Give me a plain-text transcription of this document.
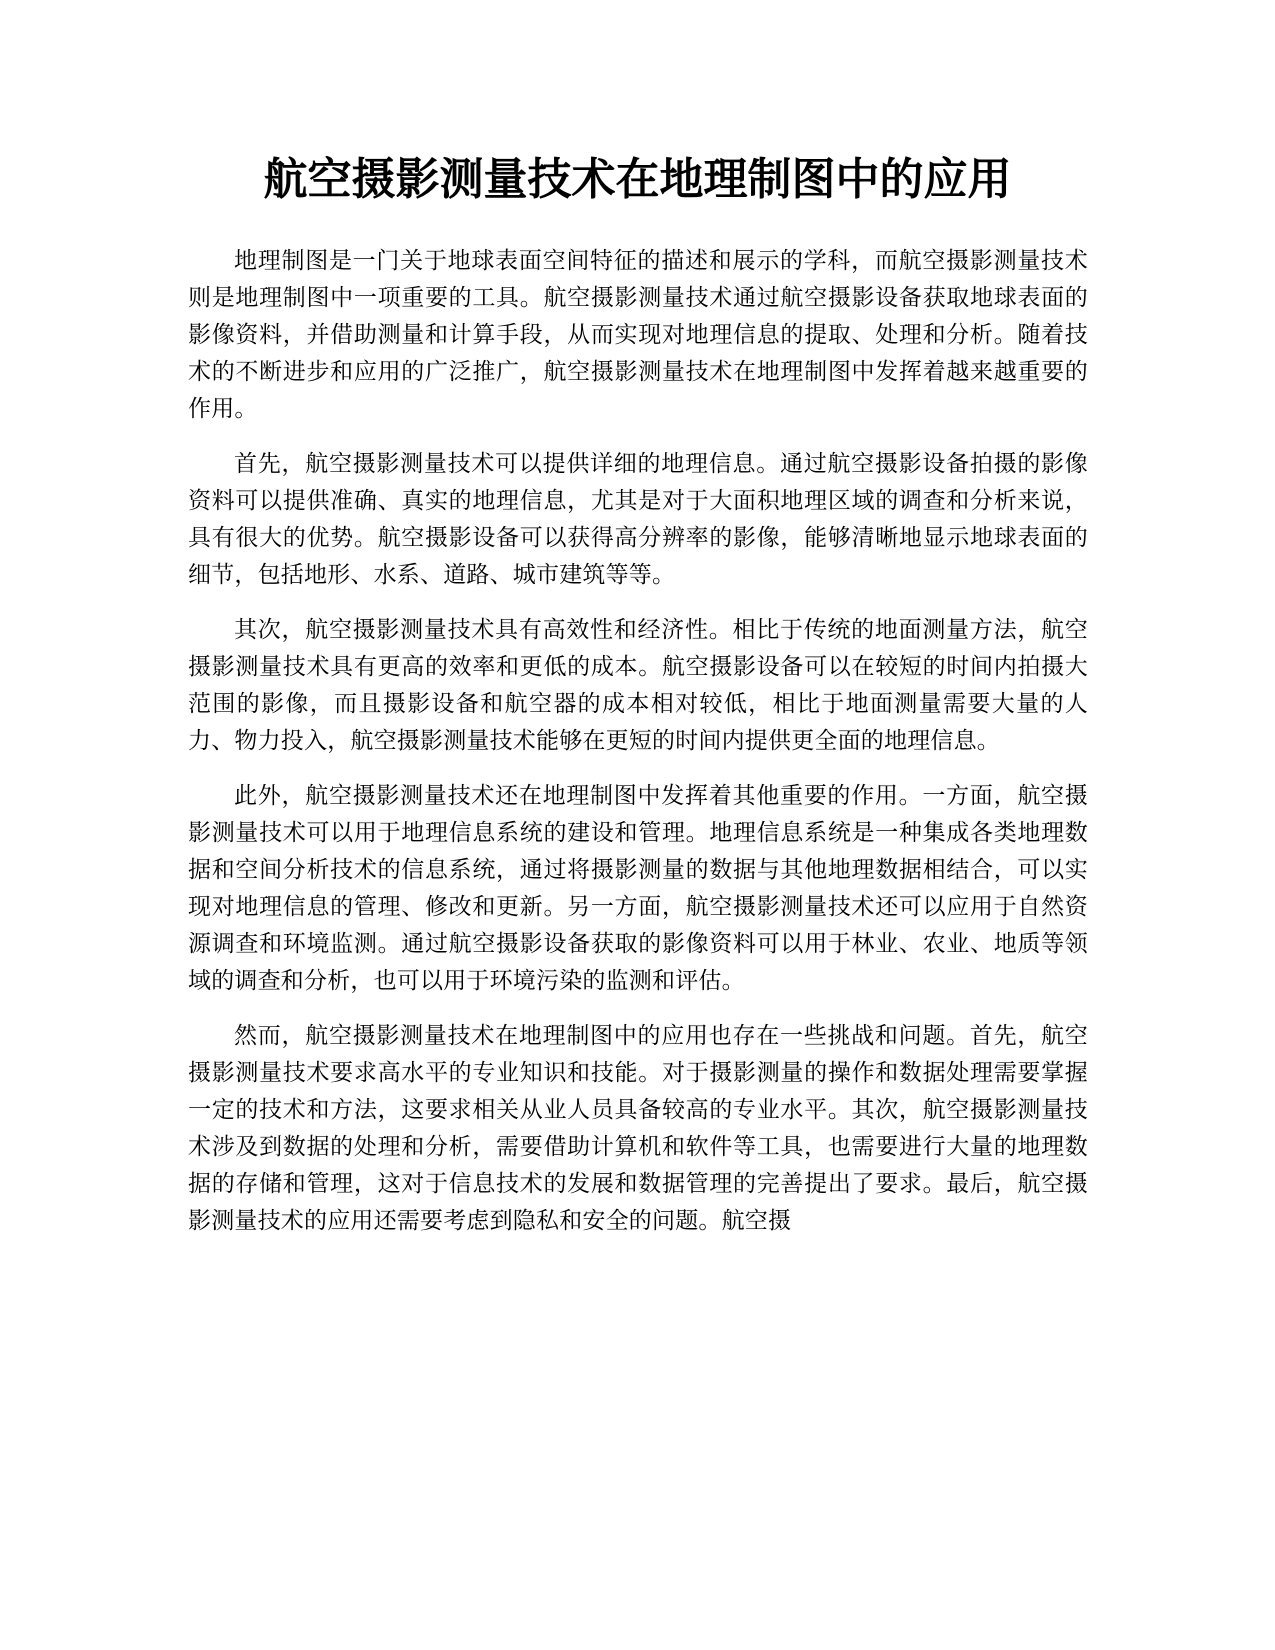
航空摄影测量技术在地理制图中的应用

地理制图是一门关于地球表面空间特征的描述和展示的学科，而航空摄影测量技术则是地理制图中一项重要的工具。航空摄影测量技术通过航空摄影设备获取地球表面的影像资料，并借助测量和计算手段，从而实现对地理信息的提取、处理和分析。随着技术的不断进步和应用的广泛推广，航空摄影测量技术在地理制图中发挥着越来越重要的作用。

首先，航空摄影测量技术可以提供详细的地理信息。通过航空摄影设备拍摄的影像资料可以提供准确、真实的地理信息，尤其是对于大面积地理区域的调查和分析来说，具有很大的优势。航空摄影设备可以获得高分辨率的影像，能够清晰地显示地球表面的细节，包括地形、水系、道路、城市建筑等等。

其次，航空摄影测量技术具有高效性和经济性。相比于传统的地面测量方法，航空摄影测量技术具有更高的效率和更低的成本。航空摄影设备可以在较短的时间内拍摄大范围的影像，而且摄影设备和航空器的成本相对较低，相比于地面测量需要大量的人力、物力投入，航空摄影测量技术能够在更短的时间内提供更全面的地理信息。

此外，航空摄影测量技术还在地理制图中发挥着其他重要的作用。一方面，航空摄影测量技术可以用于地理信息系统的建设和管理。地理信息系统是一种集成各类地理数据和空间分析技术的信息系统，通过将摄影测量的数据与其他地理数据相结合，可以实现对地理信息的管理、修改和更新。另一方面，航空摄影测量技术还可以应用于自然资源调查和环境监测。通过航空摄影设备获取的影像资料可以用于林业、农业、地质等领域的调查和分析，也可以用于环境污染的监测和评估。

然而，航空摄影测量技术在地理制图中的应用也存在一些挑战和问题。首先，航空摄影测量技术要求高水平的专业知识和技能。对于摄影测量的操作和数据处理需要掌握一定的技术和方法，这要求相关从业人员具备较高的专业水平。其次，航空摄影测量技术涉及到数据的处理和分析，需要借助计算机和软件等工具，也需要进行大量的地理数据的存储和管理，这对于信息技术的发展和数据管理的完善提出了要求。最后，航空摄影测量技术的应用还需要考虑到隐私和安全的问题。航空摄
